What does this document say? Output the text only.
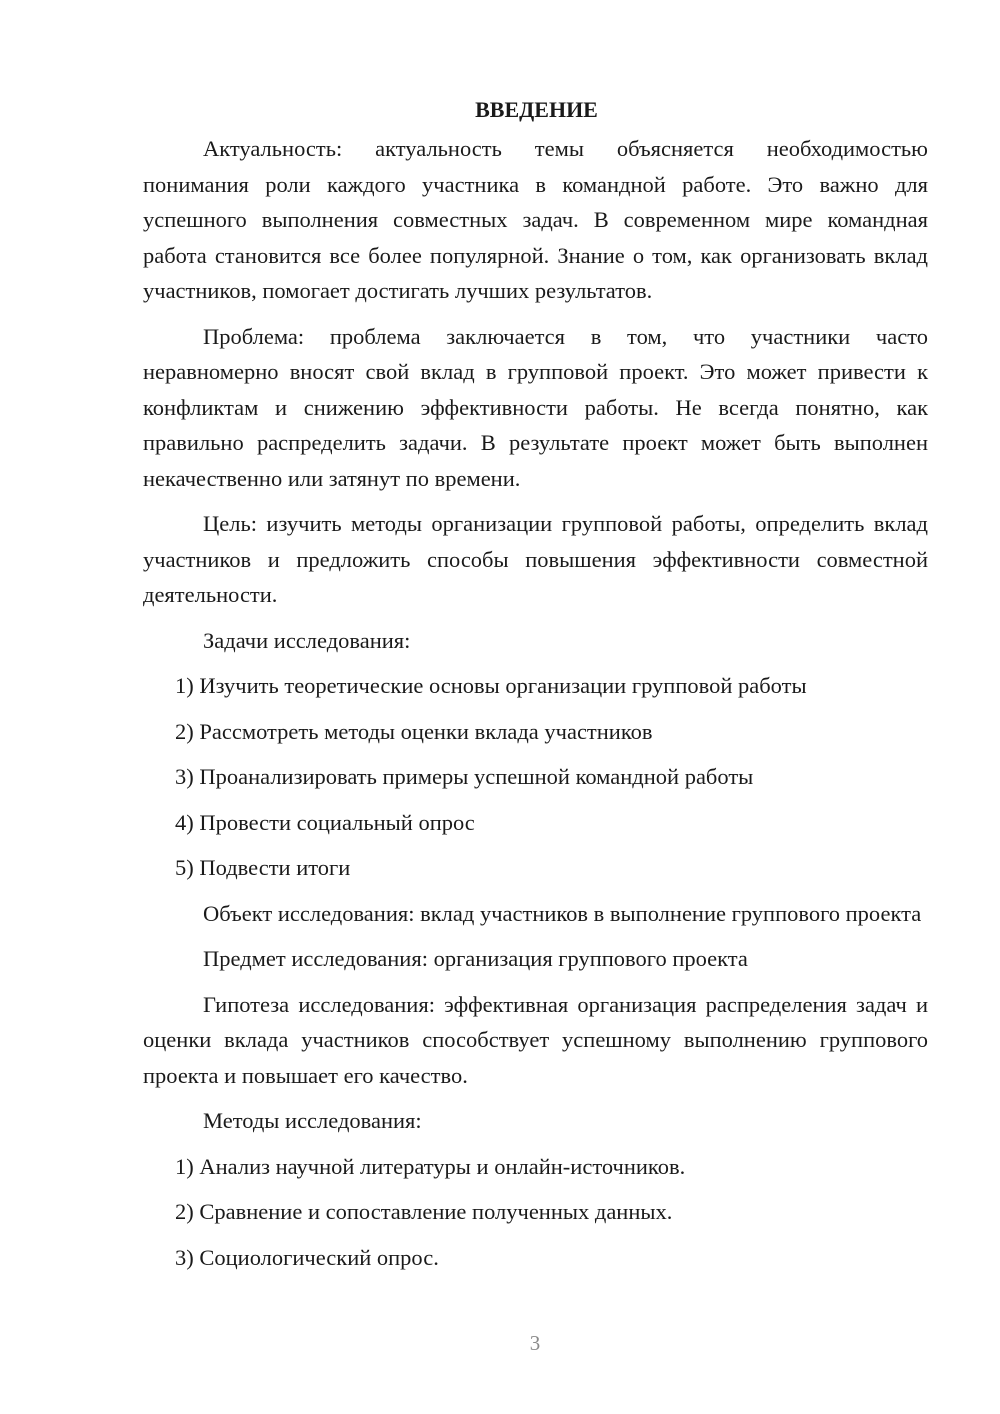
ВВЕДЕНИЕ

Актуальность: актуальность темы объясняется необходимостью понимания роли каждого участника в командной работе. Это важно для успешного выполнения совместных задач. В современном мире командная работа становится все более популярной. Знание о том, как организовать вклад участников, помогает достигать лучших результатов.

Проблема: проблема заключается в том, что участники часто неравномерно вносят свой вклад в групповой проект. Это может привести к конфликтам и снижению эффективности работы. Не всегда понятно, как правильно распределить задачи. В результате проект может быть выполнен некачественно или затянут по времени.

Цель: изучить методы организации групповой работы, определить вклад участников и предложить способы повышения эффективности совместной деятельности.

Задачи исследования:

1) Изучить теоретические основы организации групповой работы
2) Рассмотреть методы оценки вклада участников
3) Проанализировать примеры успешной командной работы
4) Провести социальный опрос
5) Подвести итоги

Объект исследования: вклад участников в выполнение группового проекта

Предмет исследования: организация группового проекта

Гипотеза исследования: эффективная организация распределения задач и оценки вклада участников способствует успешному выполнению группового проекта и повышает его качество.

Методы исследования:

1) Анализ научной литературы и онлайн-источников.
2) Сравнение и сопоставление полученных данных.
3) Социологический опрос.
3
